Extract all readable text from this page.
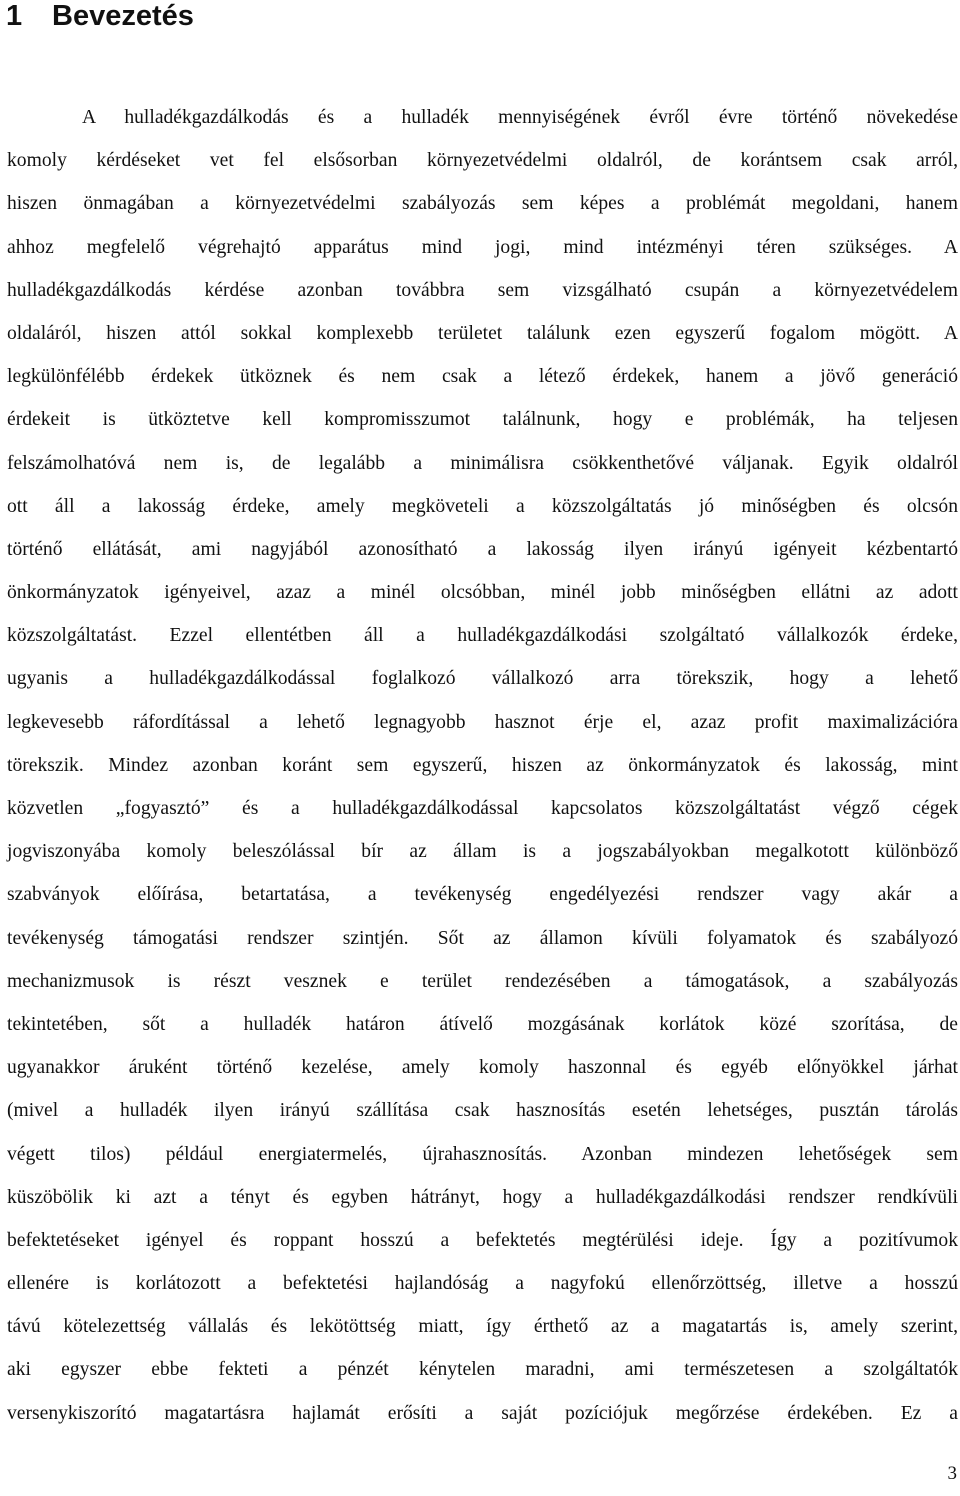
1 Bevezetés
A hulladékgazdálkodás és a hulladék mennyiségének évről évre történő növekedése
komoly kérdéseket vet fel elsősorban környezetvédelmi oldalról, de korántsem csak arról,
hiszen önmagában a környezetvédelmi szabályozás sem képes a problémát megoldani, hanem
ahhoz megfelelő végrehajtó apparátus mind jogi, mind intézményi téren szükséges. A
hulladékgazdálkodás kérdése azonban továbbra sem vizsgálható csupán a környezetvédelem
oldaláról, hiszen attól sokkal komplexebb területet találunk ezen egyszerű fogalom mögött. A
legkülönfélébb érdekek ütköznek és nem csak a létező érdekek, hanem a jövő generáció
érdekeit is ütköztetve kell kompromisszumot találnunk, hogy e problémák, ha teljesen
felszámolhatóvá nem is, de legalább a minimálisra csökkenthetővé váljanak. Egyik oldalról
ott áll a lakosság érdeke, amely megköveteli a közszolgáltatás jó minőségben és olcsón
történő ellátását, ami nagyjából azonosítható a lakosság ilyen irányú igényeit kézbentartó
önkormányzatok igényeivel, azaz a minél olcsóbban, minél jobb minőségben ellátni az adott
közszolgáltatást. Ezzel ellentétben áll a hulladékgazdálkodási szolgáltató vállalkozók érdeke,
ugyanis a hulladékgazdálkodással foglalkozó vállalkozó arra törekszik, hogy a lehető
legkevesebb ráfordítással a lehető legnagyobb hasznot érje el, azaz profit maximalizációra
törekszik. Mindez azonban koránt sem egyszerű, hiszen az önkormányzatok és lakosság, mint
közvetlen „fogyasztó” és a hulladékgazdálkodással kapcsolatos közszolgáltatást végző cégek
jogviszonyába komoly beleszólással bír az állam is a jogszabályokban megalkotott különböző
szabványok előírása, betartatása, a tevékenység engedélyezési rendszer vagy akár a
tevékenység támogatási rendszer szintjén. Sőt az államon kívüli folyamatok és szabályozó
mechanizmusok is részt vesznek e terület rendezésében a támogatások, a szabályozás
tekintetében, sőt a hulladék határon átívelő mozgásának korlátok közé szorítása, de
ugyanakkor áruként történő kezelése, amely komoly haszonnal és egyéb előnyökkel járhat
(mivel a hulladék ilyen irányú szállítása csak hasznosítás esetén lehetséges, pusztán tárolás
végett tilos) például energiatermelés, újrahasznosítás. Azonban mindezen lehetőségek sem
küszöbölik ki azt a tényt és egyben hátrányt, hogy a hulladékgazdálkodási rendszer rendkívüli
befektetéseket igényel és roppant hosszú a befektetés megtérülési ideje. Így a pozitívumok
ellenére is korlátozott a befektetési hajlandóság a nagyfokú ellenőrzöttség, illetve a hosszú
távú kötelezettség vállalás és lekötöttség miatt, így érthető az a magatartás is, amely szerint,
aki egyszer ebbe fekteti a pénzét kénytelen maradni, ami természetesen a szolgáltatók
versenykiszorító magatartásra hajlamát erősíti a saját pozíciójuk megőrzése érdekében. Ez a
3
